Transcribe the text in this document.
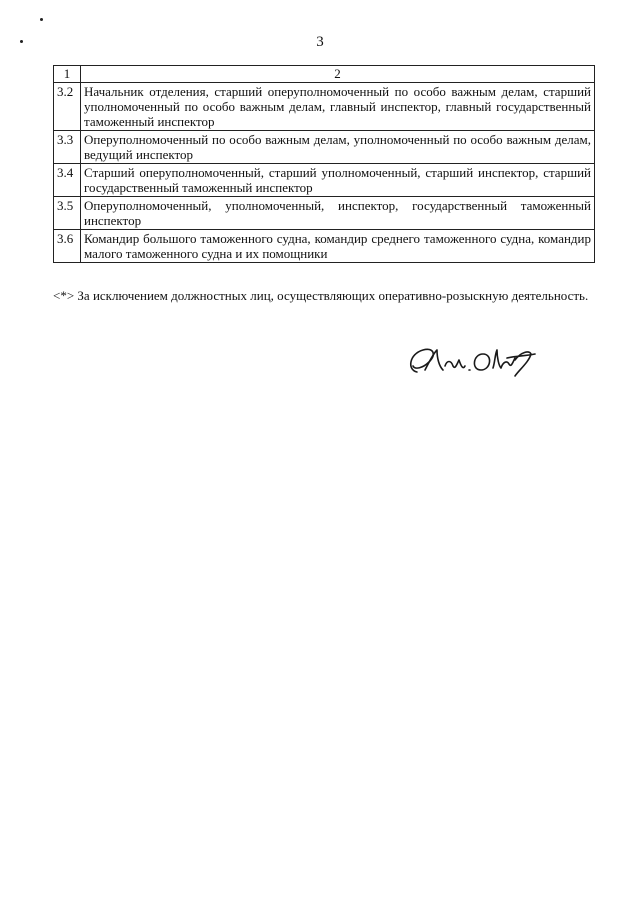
3
1	2
3.2	Начальник отделения, старший оперуполномоченный по особо важным делам, старший уполномоченный по особо важным делам, главный инспектор, главный государственный таможенный инспектор
3.3	Оперуполномоченный по особо важным делам, уполномоченный по особо важным делам, ведущий инспектор
3.4	Старший оперуполномоченный, старший уполномоченный, старший инспектор, старший государственный таможенный инспектор
3.5	Оперуполномоченный, уполномоченный, инспектор, государственный таможенный инспектор
3.6	Командир большого таможенного судна, командир среднего таможенного судна, командир малого таможенного судна и их помощники
<*> За исключением должностных лиц, осуществляющих оперативно-розыскную деятельность.
